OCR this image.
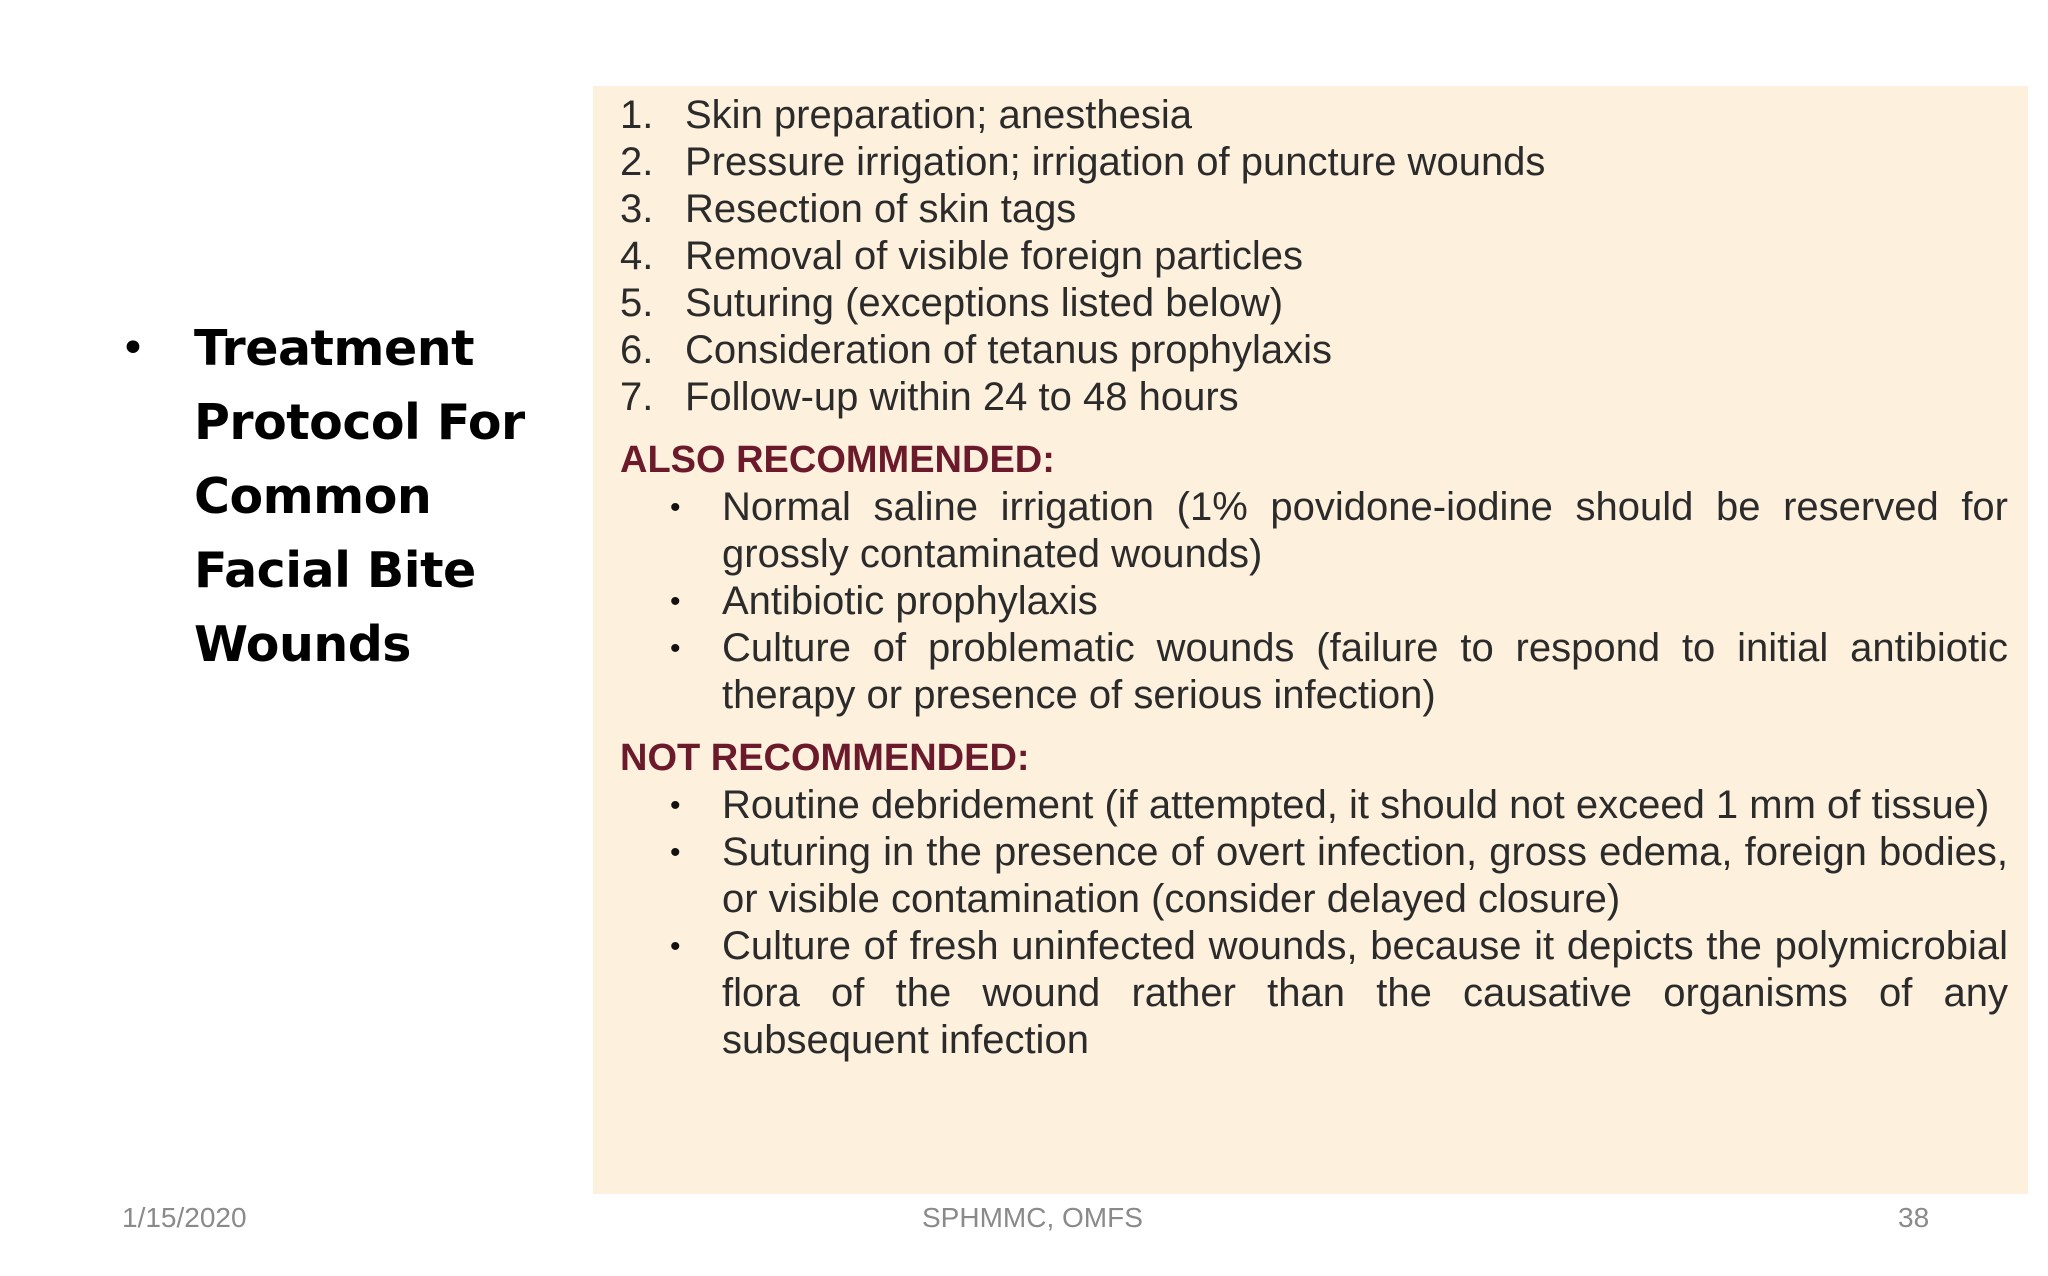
• Treatment Protocol For Common Facial Bite Wounds
1. Skin preparation; anesthesia
2. Pressure irrigation; irrigation of puncture wounds
3. Resection of skin tags
4. Removal of visible foreign particles
5. Suturing (exceptions listed below)
6. Consideration of tetanus prophylaxis
7. Follow-up within 24 to 48 hours
ALSO RECOMMENDED:
•	Normal saline irrigation (1% povidone-iodine should be reserved for grossly contaminated wounds)
•	Antibiotic prophylaxis
•	Culture of problematic wounds (failure to respond to initial antibiotic therapy or presence of serious infection)
NOT RECOMMENDED:
•	Routine debridement (if attempted, it should not exceed 1 mm of tissue)
•	Suturing in the presence of overt infection, gross edema, foreign bodies, or visible contamination (consider delayed closure)
•	Culture of fresh uninfected wounds, because it depicts the polymicrobial flora of the wound rather than the causative organisms of any subsequent infection
1/15/2020	SPHMMC, OMFS	38
